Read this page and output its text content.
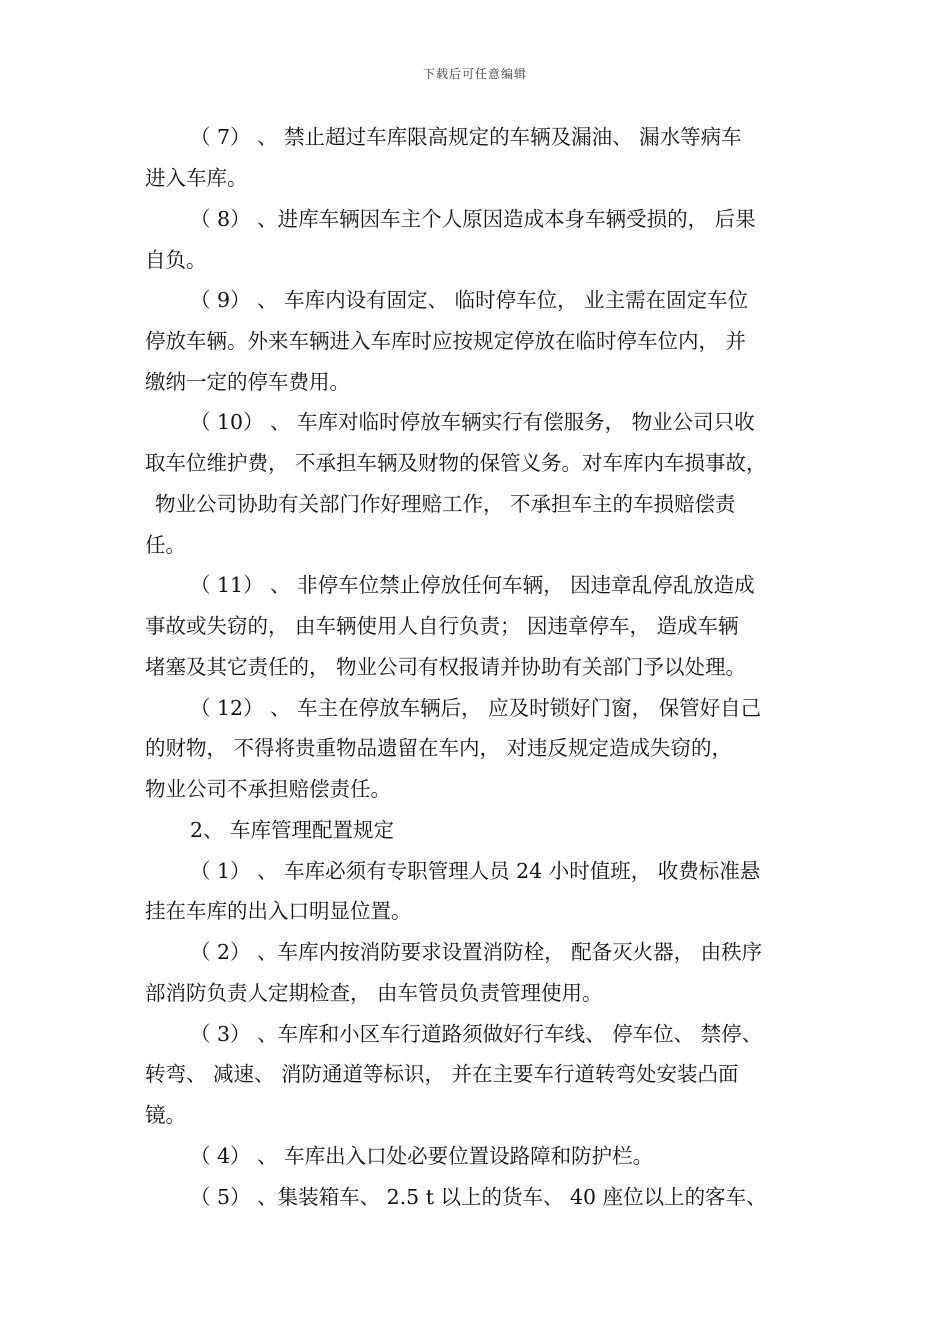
下载后可任意编辑
（ 7） 、 禁止超过车库限高规定的车辆及漏油、 漏水等病车
进入车库。
（ 8） 、进库车辆因车主个人原因造成本身车辆受损的， 后果
自负。
（ 9） 、 车库内设有固定、 临时停车位， 业主需在固定车位
停放车辆。外来车辆进入车库时应按规定停放在临时停车位内， 并
缴纳一定的停车费用。
（ 10） 、 车库对临时停放车辆实行有偿服务， 物业公司只收
取车位维护费， 不承担车辆及财物的保管义务。对车库内车损事故，
物业公司协助有关部门作好理赔工作， 不承担车主的车损赔偿责
任。
（ 11） 、 非停车位禁止停放任何车辆， 因违章乱停乱放造成
事故或失窃的， 由车辆使用人自行负责； 因违章停车， 造成车辆
堵塞及其它责任的， 物业公司有权报请并协助有关部门予以处理。
（ 12） 、 车主在停放车辆后， 应及时锁好门窗， 保管好自己
的财物， 不得将贵重物品遗留在车内， 对违反规定造成失窃的，
物业公司不承担赔偿责任。
2、 车库管理配置规定
（ 1） 、 车库必须有专职管理人员 24 小时值班， 收费标准悬
挂在车库的出入口明显位置。
（ 2） 、车库内按消防要求设置消防栓， 配备灭火器， 由秩序
部消防负责人定期检查， 由车管员负责管理使用。
（ 3） 、车库和小区车行道路须做好行车线、 停车位、 禁停、
转弯、 减速、 消防通道等标识， 并在主要车行道转弯处安装凸面
镜。
（ 4） 、 车库出入口处必要位置设路障和防护栏。
（ 5） 、集装箱车、 2.5 t 以上的货车、 40 座位以上的客车、
